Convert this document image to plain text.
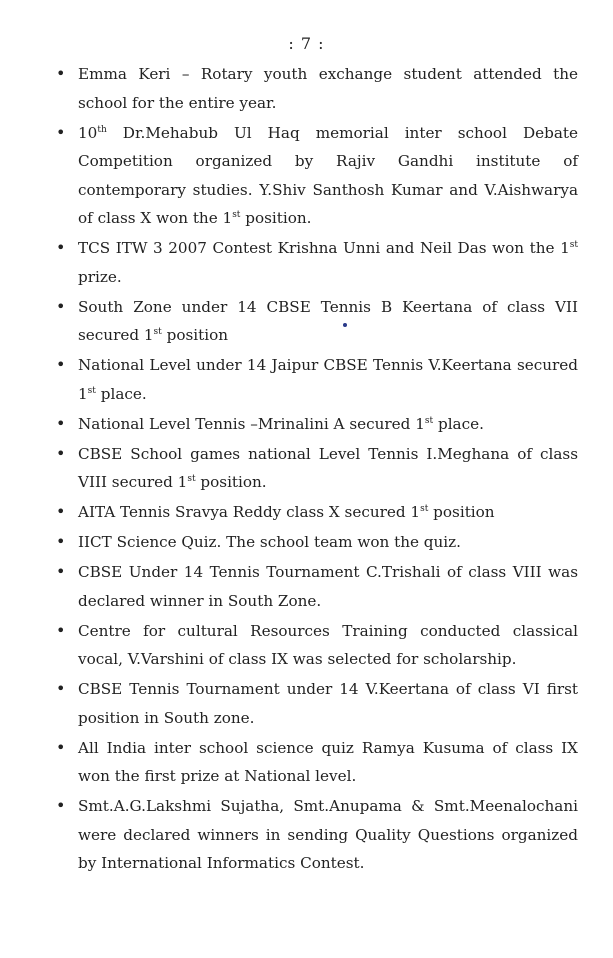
: 7 :
• Emma Keri – Rotary youth exchange student attended the school for the entire year.
• 10th Dr.Mehabub Ul Haq memorial inter school Debate Competition organized by Rajiv Gandhi institute of contemporary studies. Y.Shiv Santhosh Kumar and V.Aishwarya of class X won the 1st position.
• TCS ITW 3 2007 Contest Krishna Unni and Neil Das won the 1st prize.
• South Zone under 14 CBSE Tennis B Keertana of class VII secured 1st position
• National Level under 14 Jaipur CBSE Tennis V.Keertana secured 1st place.
• National Level Tennis –Mrinalini A secured 1st place.
• CBSE School games national Level Tennis I.Meghana of class VIII secured 1st position.
• AITA Tennis Sravya Reddy class X secured 1st position
• IICT Science Quiz. The school team won the quiz.
• CBSE Under 14 Tennis Tournament C.Trishali of class VIII was declared winner in South Zone.
• Centre for cultural Resources Training conducted classical vocal, V.Varshini of class IX was selected for scholarship.
• CBSE Tennis Tournament under 14 V.Keertana of class VI first position in South zone.
• All India inter school science quiz Ramya Kusuma of class IX won the first prize at National level.
• Smt.A.G.Lakshmi Sujatha, Smt.Anupama & Smt.Meenalochani were declared winners in sending Quality Questions organized by International Informatics Contest.
